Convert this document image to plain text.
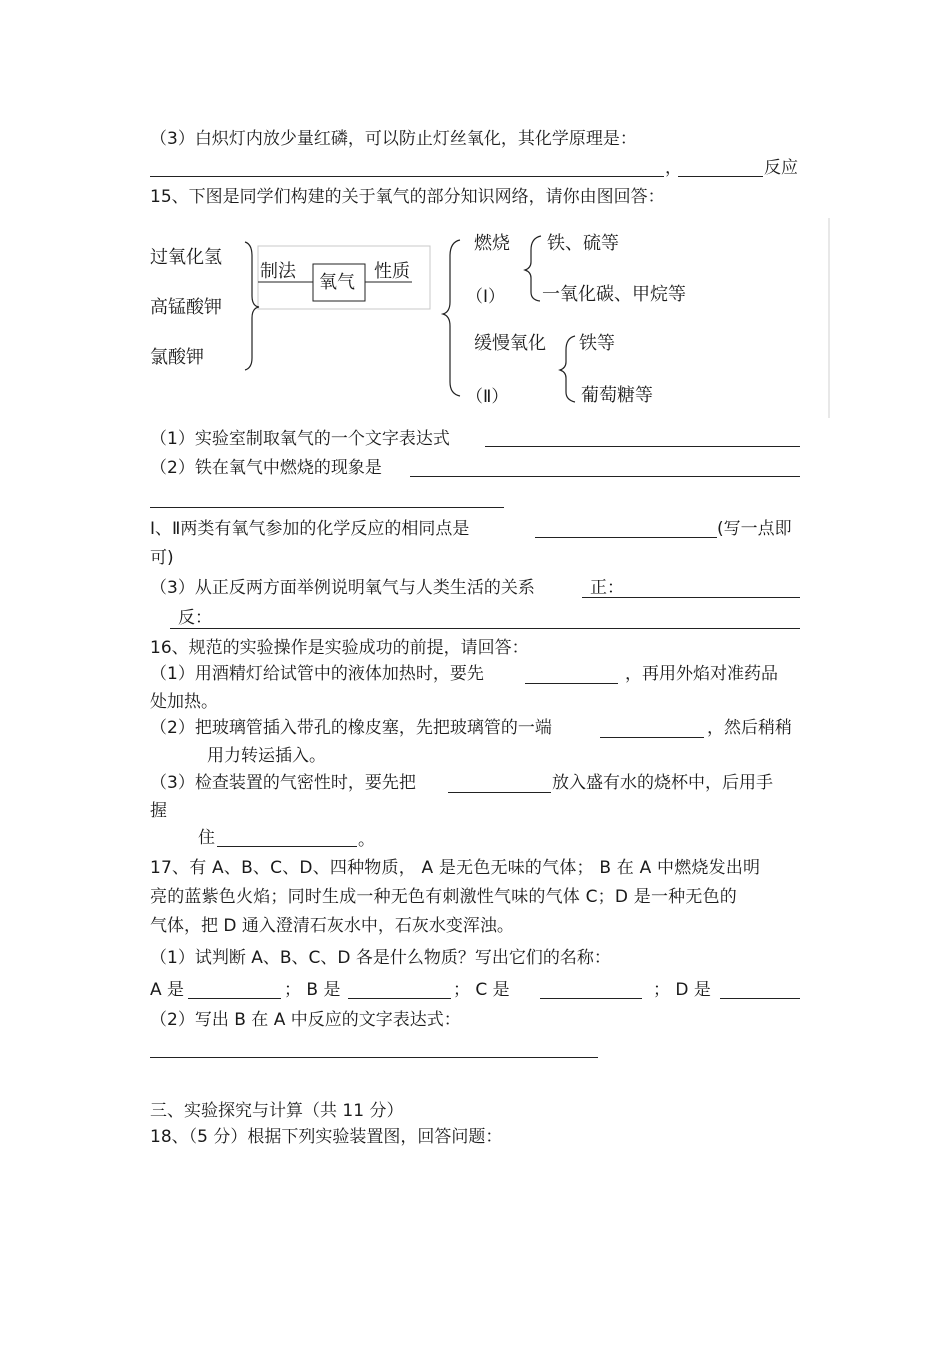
（3）白炽灯内放少量红磷，可以防止灯丝氧化，其化学原理是：
，	反应
15、下图是同学们构建的关于氧气的部分知识网络，请你由图回答：
过氧化氢
高锰酸钾
氯酸钾
制法
氧气
性质
燃烧
（Ⅰ）
缓慢氧化
（Ⅱ）
铁、硫等
一氧化碳、甲烷等
铁等
葡萄糖等
（1）实验室制取氧气的一个文字表达式
（2）铁在氧气中燃烧的现象是
Ⅰ、Ⅱ两类有氧气参加的化学反应的相同点是	(写一点即
可)
（3）从正反两方面举例说明氧气与人类生活的关系	正：
反：
16、规范的实验操作是实验成功的前提，请回答：
（1）用酒精灯给试管中的液体加热时，要先	，再用外焰对准药品
处加热。
（2）把玻璃管插入带孔的橡皮塞，先把玻璃管的一端	，然后稍稍
用力转运插入。
（3）检查装置的气密性时，要先把	放入盛有水的烧杯中，后用手
握
住	。
17、有 A、B、C、D、四种物质， A 是无色无味的气体； B 在 A 中燃烧发出明
亮的蓝紫色火焰；同时生成一种无色有刺激性气味的气体 C；D 是一种无色的
气体，把 D 通入澄清石灰水中，石灰水变浑浊。
（1）试判断 A、B、C、D 各是什么物质？写出它们的名称：
A 是	； B 是	； C 是	； D 是
（2）写出 B 在 A 中反应的文字表达式：
三、实验探究与计算（共 11 分）
18、（5 分）根据下列实验装置图，回答问题：
